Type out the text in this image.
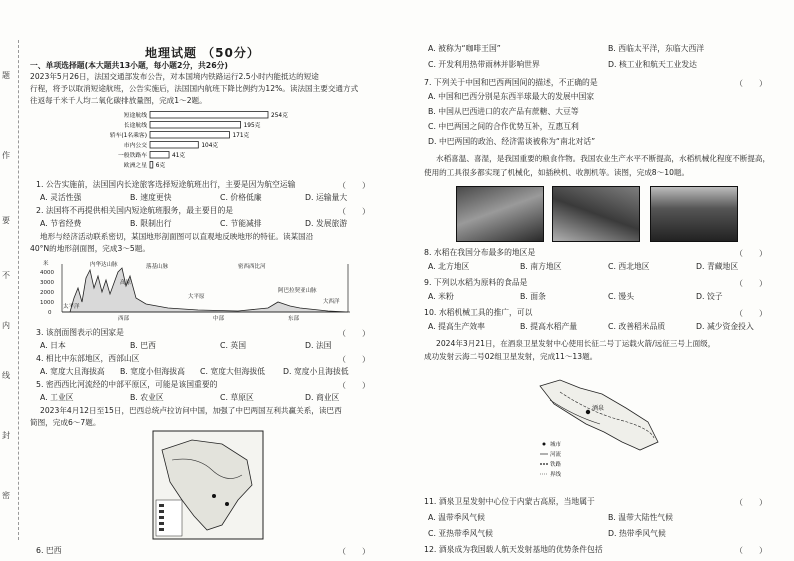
题
作
要
不
内
线
封
密
地理试题 （50分）
一、单项选择题(本大题共13小题，每小题2分，共26分)
2023年5月26日，法国交通部发布公告，对本国境内铁路运行2.5小时内能抵达的短途
行程，将予以取消短途航班，公告实施后，法国国内航班下降比例约为12%。读法国主要交通方式
往返每千米千人均二氧化碳排放量图，完成1～2题。
短途航线	254克
长途航线	195克
轿车(1名乘客)	171克
市内公交	104克
一般铁路车	41克
欧洲之星 6克
1. 公告实施前，法国国内长途旅客选择短途航班出行，主要是因为航空运输	（　　）
A. 灵活性强	B. 速度更快	C. 价格低廉	D. 运输量大
2. 法国将不再提供相关国内短途航班服务，最主要目的是	（　　）
A. 节省经费	B. 限制出行	C. 节能减排	D. 发展旅游
地形与经济活动联系密切，某国地形剖面图可以直观地反映地形的特征。读某国沿
40°N的地形剖面图，完成3～5题。
4000
3000
2000
1000
0
米	内华达山脉	落基山脉	密西西比河
阿巴拉契亚山脉
太平洋
大西洋
高原
大平原
西部	中部	东部
3. 该剖面图表示的国家是	（　　）
A. 日本	B. 巴西	C. 英国	D. 法国
4. 相比中东部地区，西部山区	（　　）
A. 宽度大且海拔高 B. 宽度小但海拔高 C. 宽度大但海拔低 D. 宽度小且海拔低
5. 密西西比河流经的中部平原区，可能是该国重要的	（　　）
A. 工业区	B. 农业区	C. 草原区	D. 商业区
2023年4月12日至15日，巴西总统卢拉访问中国，加强了中巴两国互利共赢关系，读巴西
简图，完成6～7题。
6. 巴西	（　　）
A. 被称为“咖啡王国”	B. 西临太平洋，东临大西洋
C. 开发利用热带雨林并影响世界	D. 核工业和航天工业发达
7. 下列关于中国和巴西两国间的描述，不正确的是	（　　）
A. 中国和巴西分别是东西半球最大的发展中国家
B. 中国从巴西进口的农产品有蔗糖、大豆等
C. 中巴两国之间的合作优势互补，互惠互利
D. 中巴两国的政治、经济需谈被称为“南北对话”
水稻喜温、喜湿，是我国重要的粮食作物。我国农业生产水平不断提高，水稻机械化程度不断提高，
使用的工具很多都实现了机械化，如插秧机、收割机等。读图，完成8～10题。
8. 水稻在我国分布最多的地区是	（　　）
A. 北方地区	B. 南方地区	C. 西北地区	D. 青藏地区
9. 下列以水稻为原料的食品是	（　　）
A. 米粉	B. 面条	C. 馒头	D. 饺子
10. 水稻机械工具的推广，可以	（　　）
A. 提高生产效率	B. 提高水稻产量	C. 改善稻米品质	D. 减少资金投入
2024年3月21日，在酒泉卫星发射中心使用长征二号丁运载火箭/远征三号上面级，
成功发射云海二号02组卫星发射，完成11～13题。
酒泉
城市
河流
铁路
界线
11. 酒泉卫星发射中心位于内蒙古高原，当地属于	（　　）
A. 温带季风气候	B. 温带大陆性气候
C. 亚热带季风气候	D. 热带季风气候
12. 酒泉成为我国载人航天发射基地的优势条件包括	（　　）
